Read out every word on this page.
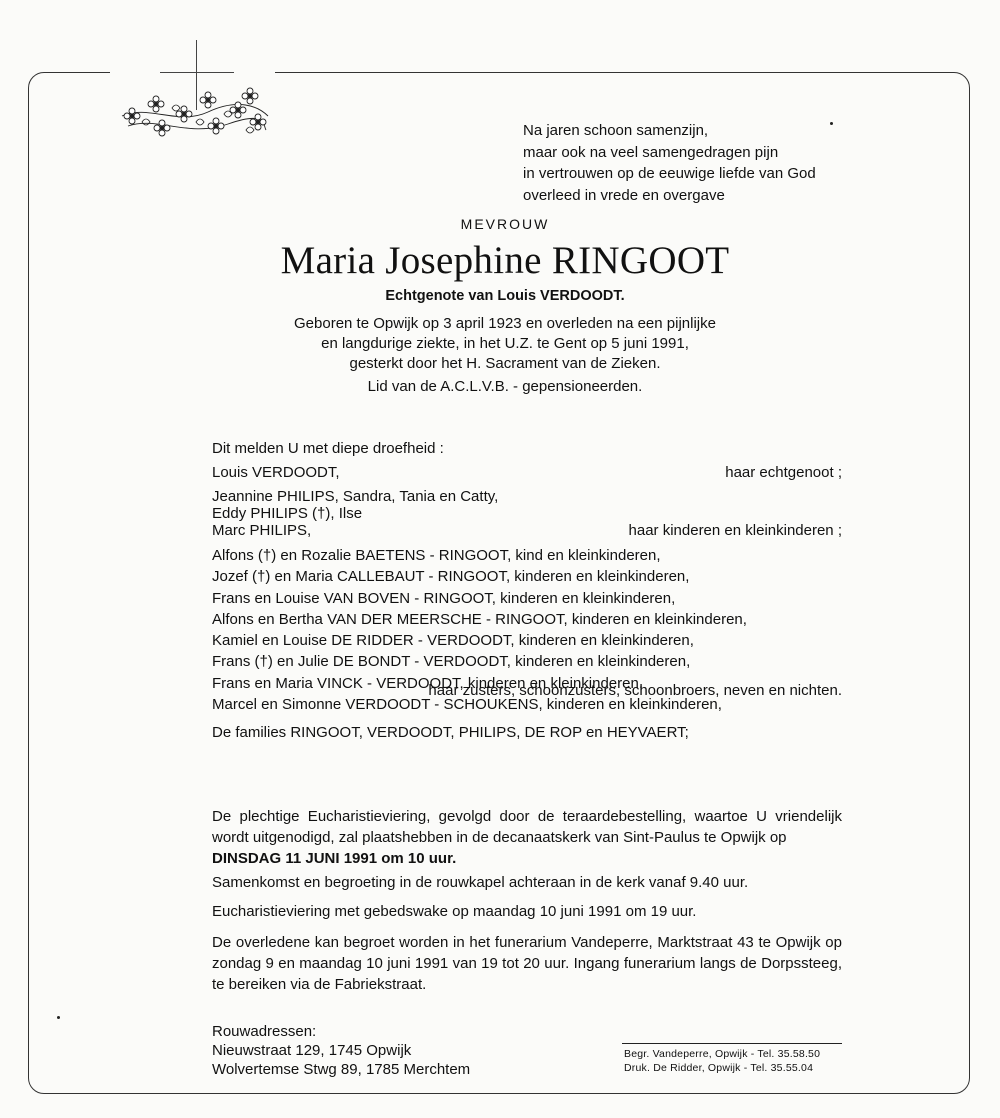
Na jaren schoon samenzijn,
maar ook na veel samengedragen pijn
in vertrouwen op de eeuwige liefde van God
overleed in vrede en overgave
MEVROUW
Maria Josephine RINGOOT
Echtgenote van Louis VERDOODT.
Geboren te Opwijk op 3 april 1923 en overleden na een pijnlijke
en langdurige ziekte, in het U.Z. te Gent op 5 juni 1991,
gesterkt door het H. Sacrament van de Zieken.
Lid van de A.C.L.V.B. - gepensioneerden.
Dit melden U met diepe droefheid :
Louis VERDOODT,	haar echtgenoot ;
Jeannine PHILIPS, Sandra, Tania en Catty,
Eddy PHILIPS (†), Ilse
Marc PHILIPS,	haar kinderen en kleinkinderen ;
Alfons (†) en Rozalie BAETENS - RINGOOT, kind en kleinkinderen,
Jozef (†) en Maria CALLEBAUT - RINGOOT, kinderen en kleinkinderen,
Frans en Louise VAN BOVEN - RINGOOT, kinderen en kleinkinderen,
Alfons en Bertha VAN DER MEERSCHE - RINGOOT, kinderen en kleinkinderen,
Kamiel en Louise DE RIDDER - VERDOODT, kinderen en kleinkinderen,
Frans (†) en Julie DE BONDT - VERDOODT, kinderen en kleinkinderen,
Frans en Maria VINCK - VERDOODT, kinderen en kleinkinderen,
Marcel en Simonne VERDOODT - SCHOUKENS, kinderen en kleinkinderen,
haar zusters, schoonzusters, schoonbroers, neven en nichten.
De families RINGOOT, VERDOODT, PHILIPS, DE ROP en HEYVAERT;
De plechtige Eucharistieviering, gevolgd door de teraardebestelling, waartoe U vriendelijk wordt uitgenodigd, zal plaatshebben in de decanaatskerk van Sint-Paulus te Opwijk op
DINSDAG 11 JUNI 1991 om 10 uur.
Samenkomst en begroeting in de rouwkapel achteraan in de kerk vanaf 9.40 uur.
Eucharistieviering met gebedswake op maandag 10 juni 1991 om 19 uur.
De overledene kan begroet worden in het funerarium Vandeperre, Marktstraat 43 te Opwijk op zondag 9 en maandag 10 juni 1991 van 19 tot 20 uur. Ingang funerarium langs de Dorpssteeg, te bereiken via de Fabriekstraat.
Rouwadressen:
Nieuwstraat 129, 1745 Opwijk
Wolvertemse Stwg 89, 1785 Merchtem
Begr. Vandeperre, Opwijk - Tel. 35.58.50
Druk. De Ridder, Opwijk - Tel. 35.55.04
